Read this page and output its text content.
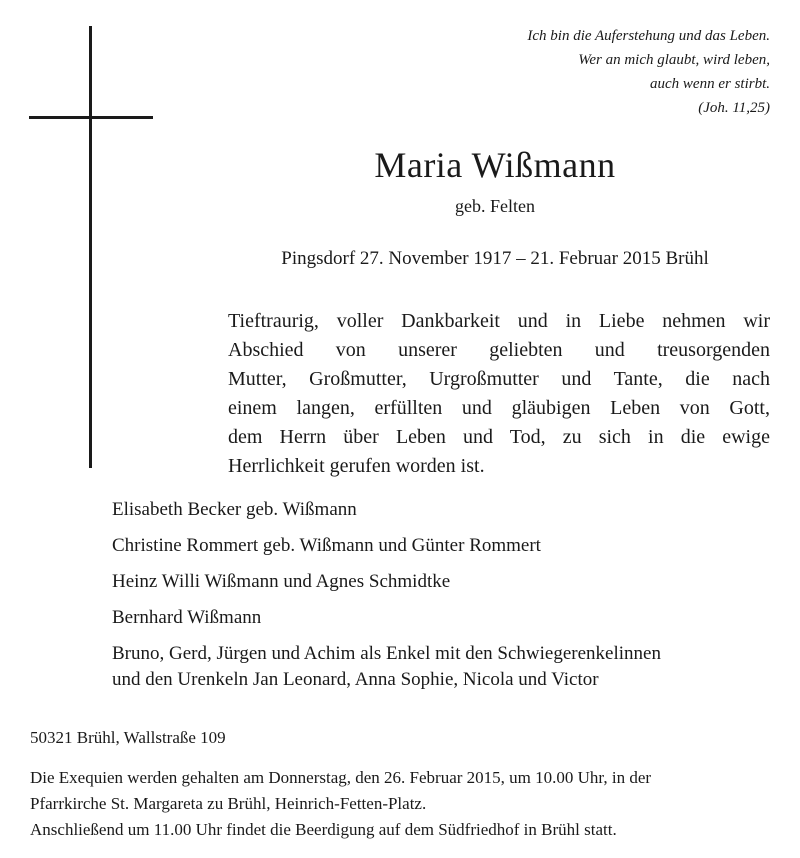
Ich bin die Auferstehung und das Leben.
Wer an mich glaubt, wird leben,
auch wenn er stirbt.
(Joh. 11,25)
Maria Wißmann
geb. Felten
Pingsdorf 27. November 1917 – 21. Februar 2015 Brühl
Tieftraurig, voller Dankbarkeit und in Liebe nehmen wir
Abschied von unserer geliebten und treusorgenden
Mutter, Großmutter, Urgroßmutter und Tante, die nach
einem langen, erfüllten und gläubigen Leben von Gott,
dem Herrn über Leben und Tod, zu sich in die ewige
Herrlichkeit gerufen worden ist.
Elisabeth Becker geb. Wißmann
Christine Rommert geb. Wißmann und Günter Rommert
Heinz Willi Wißmann und Agnes Schmidtke
Bernhard Wißmann
Bruno, Gerd, Jürgen und Achim als Enkel mit den Schwiegerenkelinnen
und den Urenkeln Jan Leonard, Anna Sophie, Nicola und Victor
50321 Brühl, Wallstraße 109
Die Exequien werden gehalten am Donnerstag, den 26. Februar 2015, um 10.00 Uhr, in der
Pfarrkirche St. Margareta zu Brühl, Heinrich-Fetten-Platz.
Anschließend um 11.00 Uhr findet die Beerdigung auf dem Südfriedhof in Brühl statt.
